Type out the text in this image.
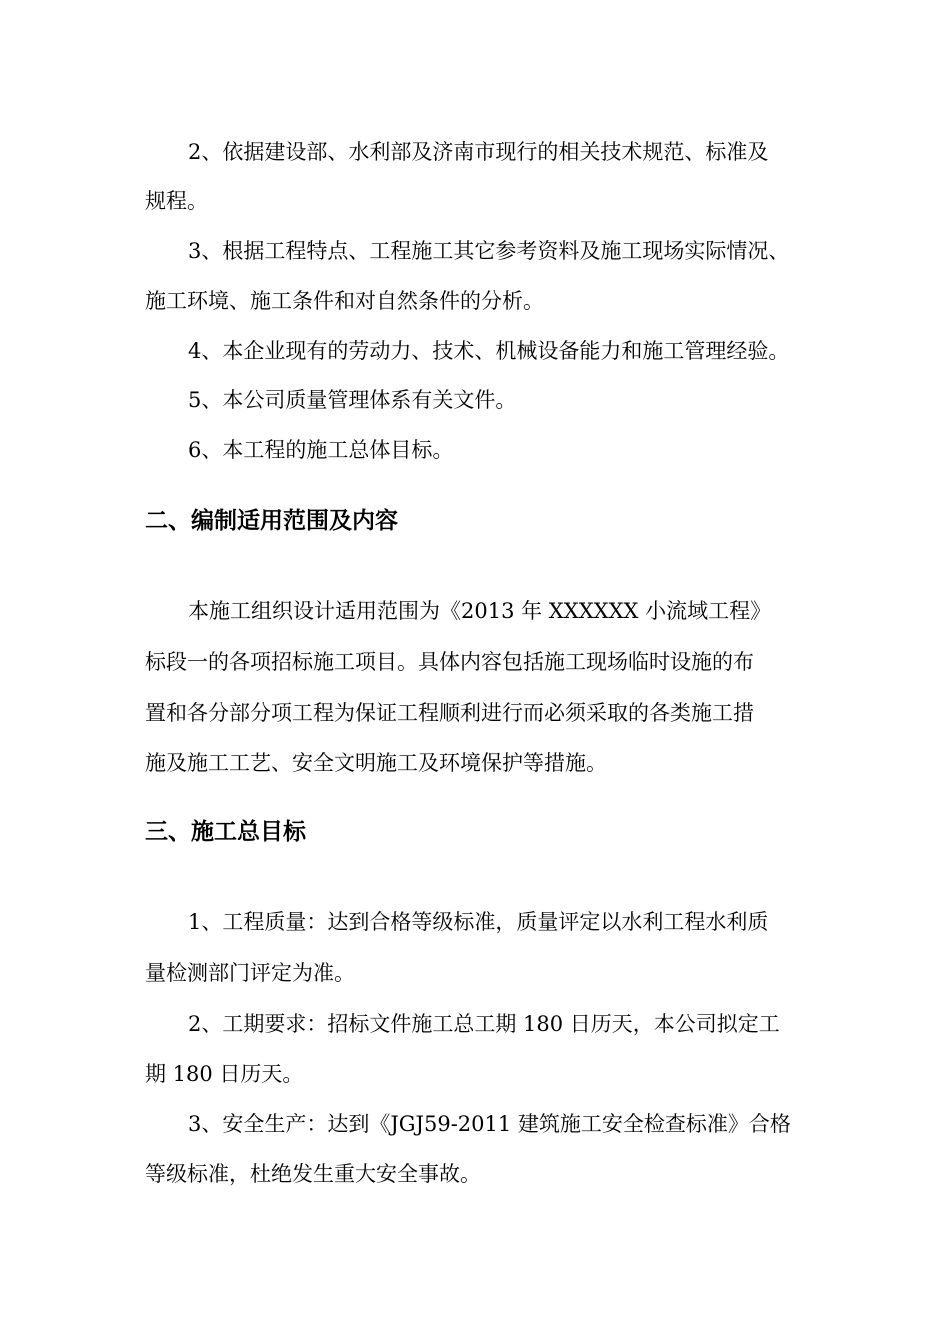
2、依据建设部、水利部及济南市现行的相关技术规范、标准及
规程。
3、根据工程特点、工程施工其它参考资料及施工现场实际情况、
施工环境、施工条件和对自然条件的分析。
4、本企业现有的劳动力、技术、机械设备能力和施工管理经验。
5、本公司质量管理体系有关文件。
6、本工程的施工总体目标。
二、编制适用范围及内容
本施工组织设计适用范围为《2013 年 XXXXXX 小流域工程》
标段一的各项招标施工项目。具体内容包括施工现场临时设施的布
置和各分部分项工程为保证工程顺利进行而必须采取的各类施工措
施及施工工艺、安全文明施工及环境保护等措施。
三、施工总目标
1、工程质量：达到合格等级标准，质量评定以水利工程水利质
量检测部门评定为准。
2、工期要求：招标文件施工总工期 180 日历天，本公司拟定工
期 180 日历天。
3、安全生产：达到《JGJ59-2011 建筑施工安全检查标准》合格
等级标准，杜绝发生重大安全事故。
